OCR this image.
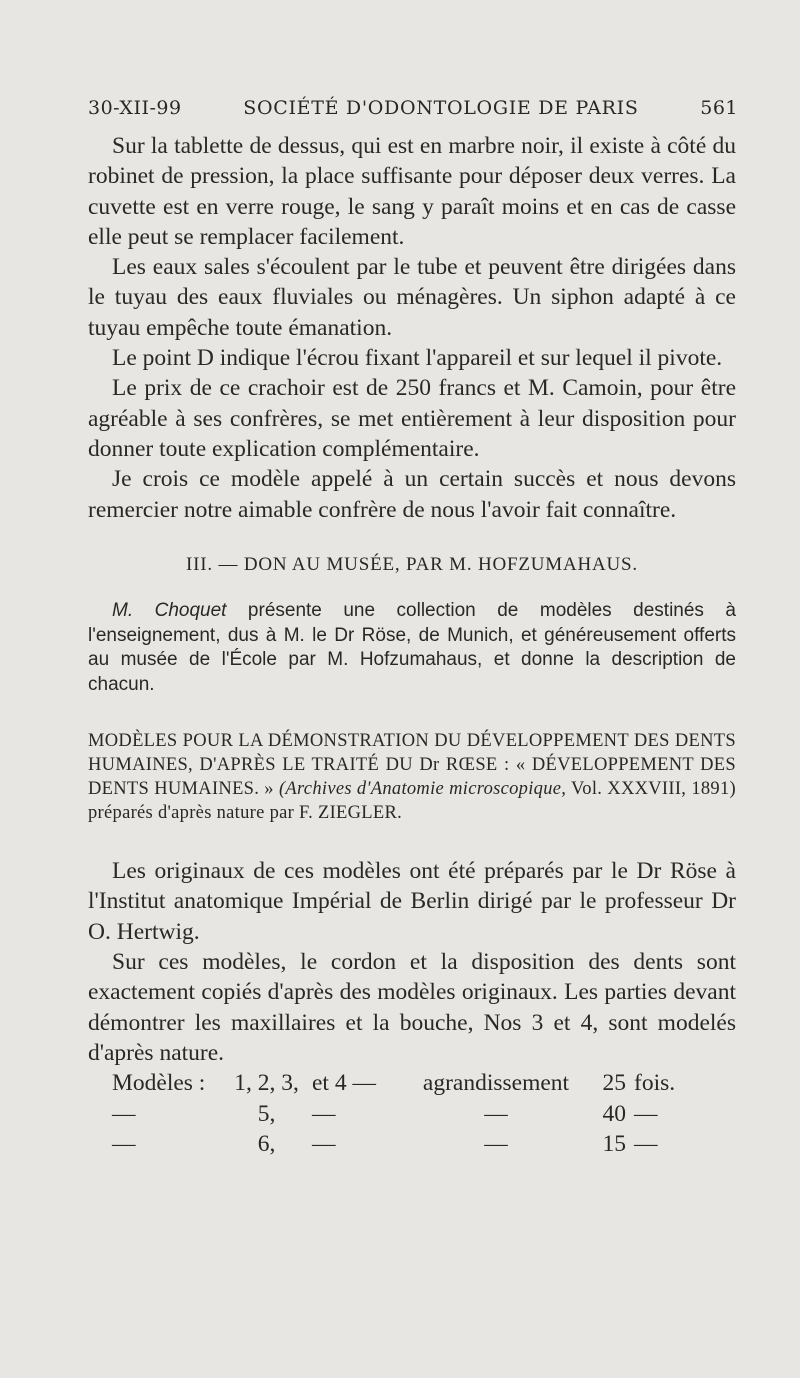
30-XII-99	SOCIÉTÉ D'ODONTOLOGIE DE PARIS	561

Sur la tablette de dessus, qui est en marbre noir, il existe à côté du robinet de pression, la place suffisante pour déposer deux verres. La cuvette est en verre rouge, le sang y paraît moins et en cas de casse elle peut se remplacer facilement.

Les eaux sales s'écoulent par le tube et peuvent être dirigées dans le tuyau des eaux fluviales ou ménagères. Un siphon adapté à ce tuyau empêche toute émanation.

Le point D indique l'écrou fixant l'appareil et sur lequel il pivote.

Le prix de ce crachoir est de 250 francs et M. Camoin, pour être agréable à ses confrères, se met entièrement à leur disposition pour donner toute explication complémentaire.

Je crois ce modèle appelé à un certain succès et nous devons remercier notre aimable confrère de nous l'avoir fait connaître.

III. — DON AU MUSÉE, PAR M. HOFZUMAHAUS.

M. Choquet présente une collection de modèles destinés à l'enseignement, dus à M. le Dr Röse, de Munich, et généreusement offerts au musée de l'École par M. Hofzumahaus, et donne la description de chacun.

MODÈLES POUR LA DÉMONSTRATION DU DÉVELOPPEMENT DES DENTS HUMAINES, D'APRÈS LE TRAITÉ DU Dr RŒSE : « DÉVELOPPEMENT DES DENTS HUMAINES. » (Archives d'Anatomie microscopique, Vol. XXXVIII, 1891) préparés d'après nature par F. ZIEGLER.

Les originaux de ces modèles ont été préparés par le Dr Röse à l'Institut anatomique Impérial de Berlin dirigé par le professeur Dr O. Hertwig.

Sur ces modèles, le cordon et la disposition des dents sont exactement copiés d'après des modèles originaux. Les parties devant démontrer les maxillaires et la bouche, Nos 3 et 4, sont modelés d'après nature.

Modèles :	1, 2, 3, et 4 —	agrandissement	25 fois.
—	5,	—	—	40 —
—	6,	—	—	15 —
